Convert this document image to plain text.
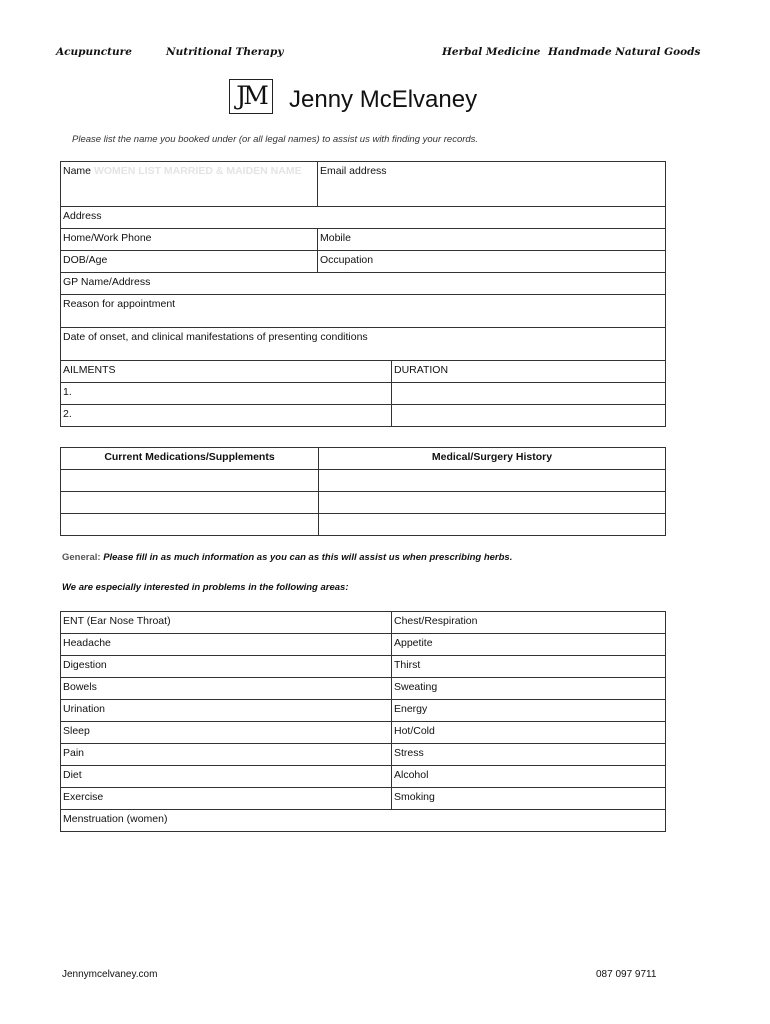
Acupuncture	Nutritional Therapy	Herbal Medicine Handmade Natural Goods
JM Jenny McElvaney
Please list the name you booked under (or all legal names) to assist us with finding your records.
Name WOMEN LIST MARRIED & MAIDEN NAME	Email address
Address	
Home/Work Phone	Mobile
DOB/Age	Occupation
GP Name/Address	
Reason for appointment	
Date of onset, and clinical manifestations of presenting conditions	
AILMENTS	DURATION
1.	
2.	
Current Medications/Supplements	Medical/Surgery History

General: Please fill in as much information as you can as this will assist us when prescribing herbs.
We are especially interested in problems in the following areas:
ENT (Ear Nose Throat)	Chest/Respiration
Headache	Appetite
Digestion	Thirst
Bowels	Sweating
Urination	Energy
Sleep	Hot/Cold
Pain	Stress
Diet	Alcohol
Exercise	Smoking
Menstruation (women)	
Jennymcelvaney.com	087 097 9711
